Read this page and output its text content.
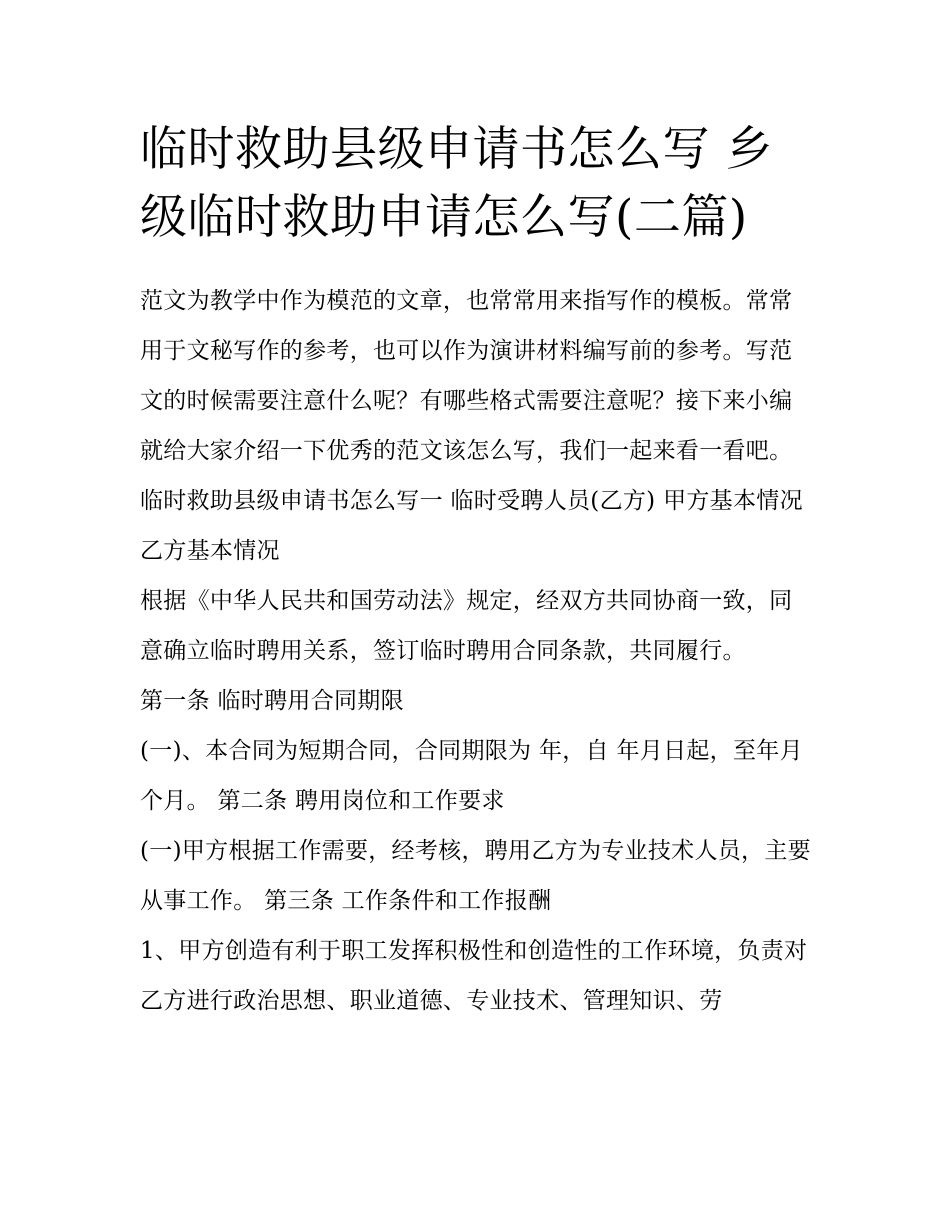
临时救助县级申请书怎么写 乡级临时救助申请怎么写(二篇)

范文为教学中作为模范的文章，也常常用来指写作的模板。常常用于文秘写作的参考，也可以作为演讲材料编写前的参考。写范文的时候需要注意什么呢？有哪些格式需要注意呢？接下来小编就给大家介绍一下优秀的范文该怎么写，我们一起来看一看吧。

临时救助县级申请书怎么写一 临时受聘人员(乙方) 甲方基本情况 乙方基本情况

根据《中华人民共和国劳动法》规定，经双方共同协商一致，同意确立临时聘用关系，签订临时聘用合同条款，共同履行。

第一条 临时聘用合同期限

(一)、本合同为短期合同，合同期限为 年，自 年月日起，至年月 个月。 第二条 聘用岗位和工作要求

(一)甲方根据工作需要，经考核，聘用乙方为专业技术人员，主要从事工作。 第三条 工作条件和工作报酬

1、甲方创造有利于职工发挥积极性和创造性的工作环境，负责对乙方进行政治思想、职业道德、专业技术、管理知识、劳
